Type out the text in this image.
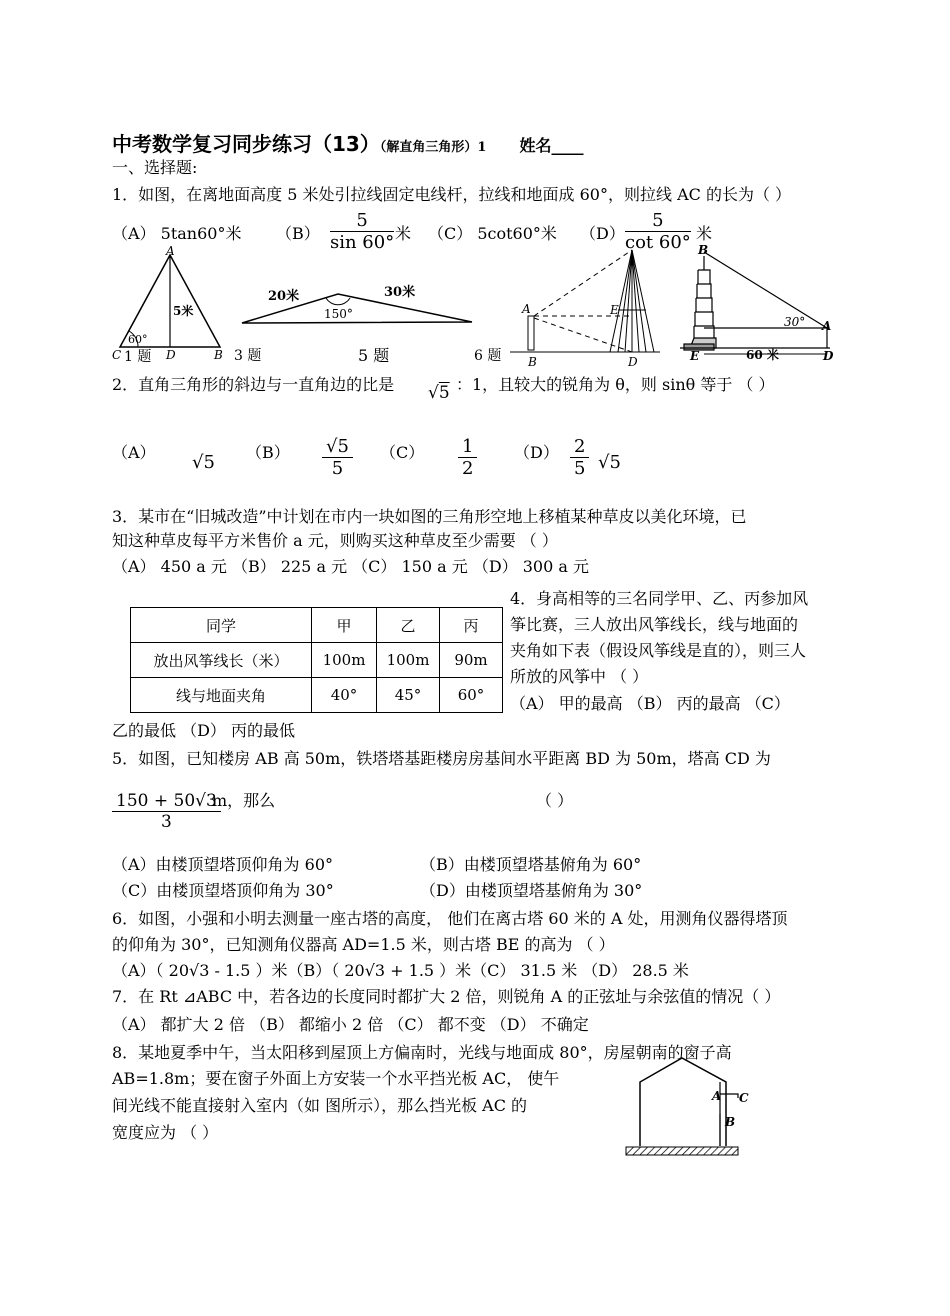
中考数学复习同步练习（13）（解直角三角形）1 姓名____
一、选择题:
1．如图，在离地面高度 5 米处引拉线固定电线杆，拉线和地面成 60°，则拉线 AC 的长为（ ）
（A） 5tan60°米 $(B) \frac{5}{\sin 60^\circ}$ 米 （C） 5cot60°米 $(D) \frac{5}{\cot 60^\circ}$ 米
A
5米
60°
C	D	B
1 题
20米	30米
150°
3 题	5 题
A
B
E
D
6 题
B
30° A
E	60 米	D
2．直角三角形的斜边与一直角边的比是 √5 ：1，且较大的锐角为 θ，则 sinθ 等于 （ ）
（A） √5 $(B) \frac{√5}{5} (C) \frac{1}{2} (D) \frac{2}{5} √5$
3．某市在“旧城改造”中计划在市内一块如图的三角形空地上移植某种草皮以美化环境，已
知这种草皮每平方米售价 a 元，则购买这种草皮至少需要 （ ）
（A） 450 a 元 （B） 225 a 元 （C） 150 a 元 （D） 300 a 元
同学	甲	乙	丙
放出风筝线长（米）	100m	100m	90m
线与地面夹角	40°	45°	60°
4．身高相等的三名同学甲、乙、丙参加风
筝比赛，三人放出风筝线长，线与地面的
夹角如下表（假设风筝线是直的），则三人
所放的风筝中 （ ）
（A） 甲的最高 （B） 丙的最高 （C）
乙的最低 （D） 丙的最低
5．如图，已知楼房 AB 高 50m，铁塔塔基距楼房房基间水平距离 BD 为 50m，塔高 CD 为
$\frac{150 + 50√3}{3}$
m，那么	（ ）
（A）由楼顶望塔顶仰角为 60°	（B）由楼顶望塔基俯角为 60°
（C）由楼顶望塔顶仰角为 30°	（D）由楼顶望塔基俯角为 30°
6．如图，小强和小明去测量一座古塔的高度， 他们在离古塔 60 米的 A 处，用测角仪器得塔顶
的仰角为 30°，已知测角仪器高 AD=1.5 米，则古塔 BE 的高为 （ ）
（A）（ 20√3 - 1.5 ）米（B）（ 20√3 + 1.5 ）米（C） 31.5 米 （D） 28.5 米
7．在 Rt ⊿ABC 中，若各边的长度同时都扩大 2 倍，则锐角 A 的正弦址与余弦值的情况（ ）
（A） 都扩大 2 倍 （B） 都缩小 2 倍 （C） 都不变 （D） 不确定
8．某地夏季中午，当太阳移到屋顶上方偏南时，光线与地面成 80°，房屋朝南的窗子高
AB=1.8m；要在窗子外面上方安装一个水平挡光板 AC， 使午
间光线不能直接射入室内（如 图所示），那么挡光板 AC 的
宽度应为 （ ）
A C
B
